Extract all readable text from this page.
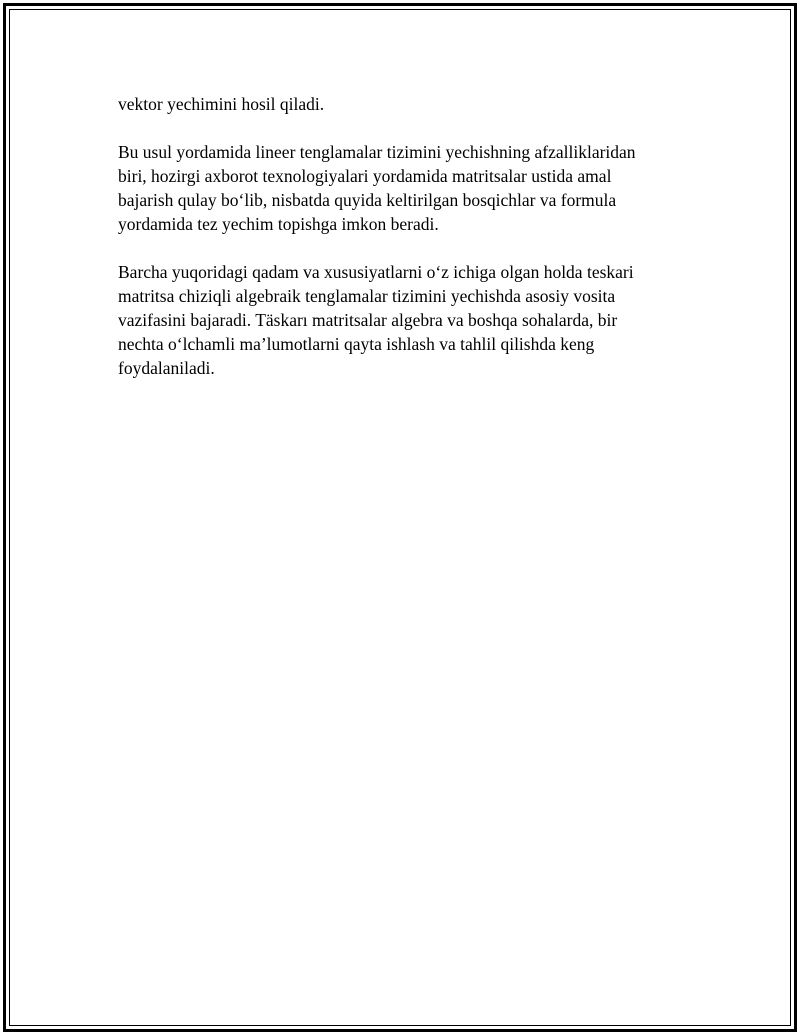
vektor yechimini hosil qiladi.

Bu usul yordamida lineer tenglamalar tizimini yechishning afzalliklaridan
biri, hozirgi axborot texnologiyalari yordamida matritsalar ustida amal
bajarish qulay bo‘lib, nisbatda quyida keltirilgan bosqichlar va formula
yordamida tez yechim topishga imkon beradi.

Barcha yuqoridagi qadam va xususiyatlarni o‘z ichiga olgan holda teskari
matritsa chiziqli algebraik tenglamalar tizimini yechishda asosiy vosita
vazifasini bajaradi. Täskarı matritsalar algebra va boshqa sohalarda, bir
nechta o‘lchamli ma’lumotlarni qayta ishlash va tahlil qilishda keng
foydalaniladi.
